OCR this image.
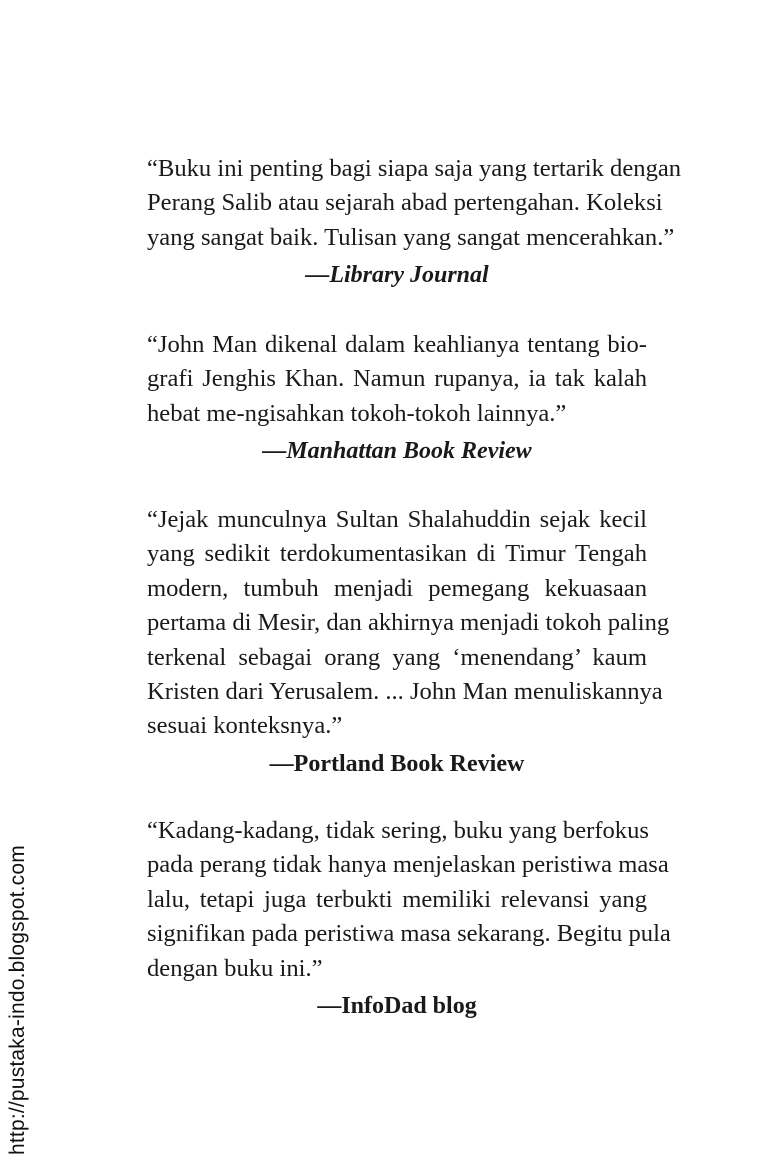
“Buku ini penting bagi siapa saja yang tertarik dengan
Perang Salib atau sejarah abad pertengahan. Koleksi
yang sangat baik. Tulisan yang sangat mencerahkan.”

—Library Journal

“John Man dikenal dalam keahlianya tentang bio-
grafi Jenghis Khan. Namun rupanya, ia tak kalah
hebat me-ngisahkan tokoh-tokoh lainnya.”

—Manhattan Book Review

“Jejak munculnya Sultan Shalahuddin sejak kecil
yang sedikit terdokumentasikan di Timur Tengah
modern, tumbuh menjadi pemegang kekuasaan
pertama di Mesir, dan akhirnya menjadi tokoh paling
terkenal sebagai orang yang ‘menendang’ kaum
Kristen dari Yerusalem. ... John Man menuliskannya
sesuai konteksnya.”

—Portland Book Review

“Kadang-kadang, tidak sering, buku yang berfokus
pada perang tidak hanya menjelaskan peristiwa masa
lalu, tetapi juga terbukti memiliki relevansi yang
signifikan pada peristiwa masa sekarang. Begitu pula
dengan buku ini.”

—InfoDad blog

http://pustaka-indo.blogspot.com
